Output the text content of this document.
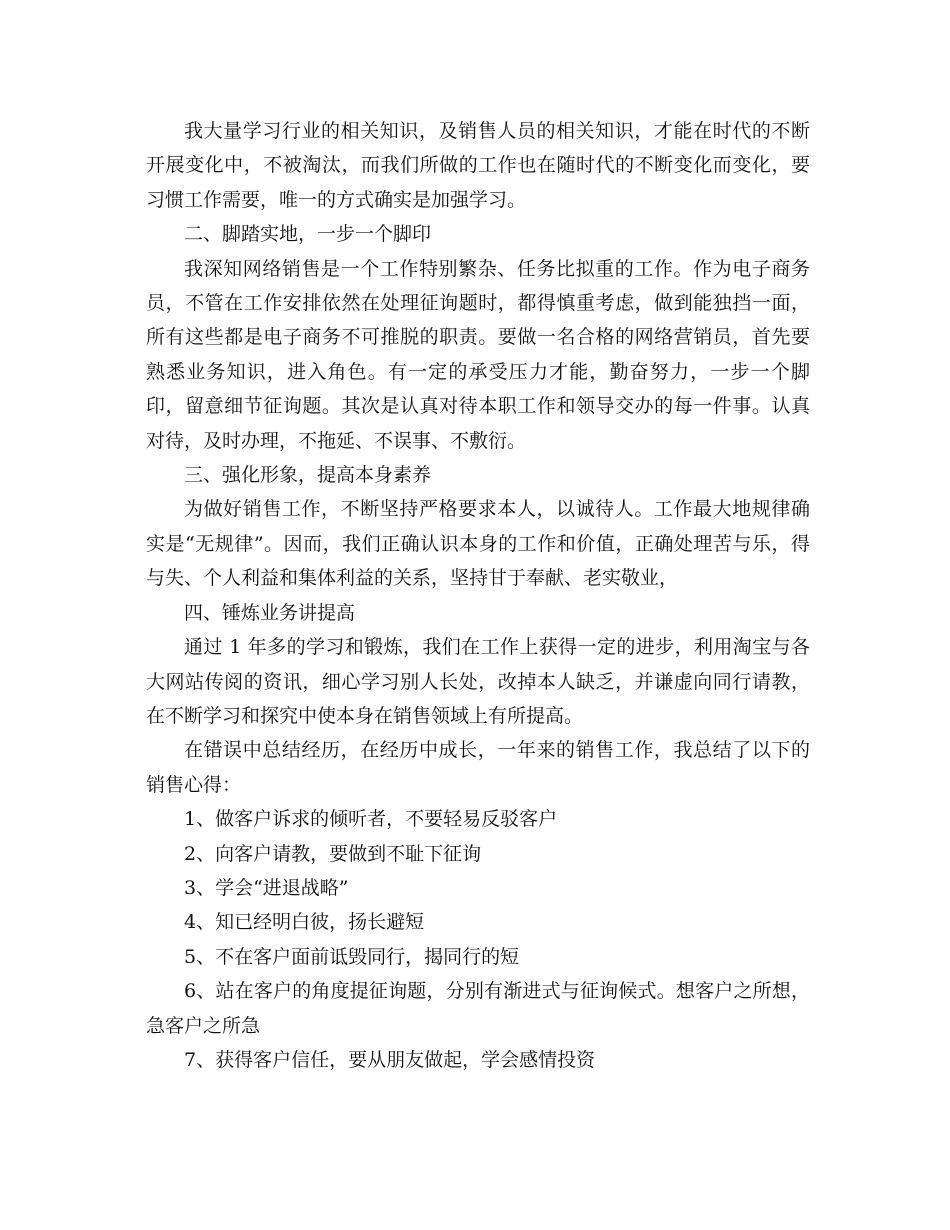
我大量学习行业的相关知识，及销售人员的相关知识，才能在时代的不断开展变化中，不被淘汰，而我们所做的工作也在随时代的不断变化而变化，要习惯工作需要，唯一的方式确实是加强学习。

二、脚踏实地，一步一个脚印

我深知网络销售是一个工作特别繁杂、任务比拟重的工作。作为电子商务员，不管在工作安排依然在处理征询题时，都得慎重考虑，做到能独挡一面，所有这些都是电子商务不可推脱的职责。要做一名合格的网络营销员，首先要熟悉业务知识，进入角色。有一定的承受压力才能，勤奋努力，一步一个脚印，留意细节征询题。其次是认真对待本职工作和领导交办的每一件事。认真对待，及时办理，不拖延、不误事、不敷衍。

三、强化形象，提高本身素养

为做好销售工作，不断坚持严格要求本人，以诚待人。工作最大地规律确实是“无规律”。因而，我们正确认识本身的工作和价值，正确处理苦与乐，得与失、个人利益和集体利益的关系，坚持甘于奉献、老实敬业，

四、锤炼业务讲提高

通过 1 年多的学习和锻炼，我们在工作上获得一定的进步，利用淘宝与各大网站传阅的资讯，细心学习别人长处，改掉本人缺乏，并谦虚向同行请教，在不断学习和探究中使本身在销售领域上有所提高。

在错误中总结经历，在经历中成长，一年来的销售工作，我总结了以下的销售心得：

1、做客户诉求的倾听者，不要轻易反驳客户

2、向客户请教，要做到不耻下征询

3、学会“进退战略”

4、知已经明白彼，扬长避短

5、不在客户面前诋毁同行，揭同行的短

6、站在客户的角度提征询题，分别有渐进式与征询候式。想客户之所想，急客户之所急

7、获得客户信任，要从朋友做起，学会感情投资
